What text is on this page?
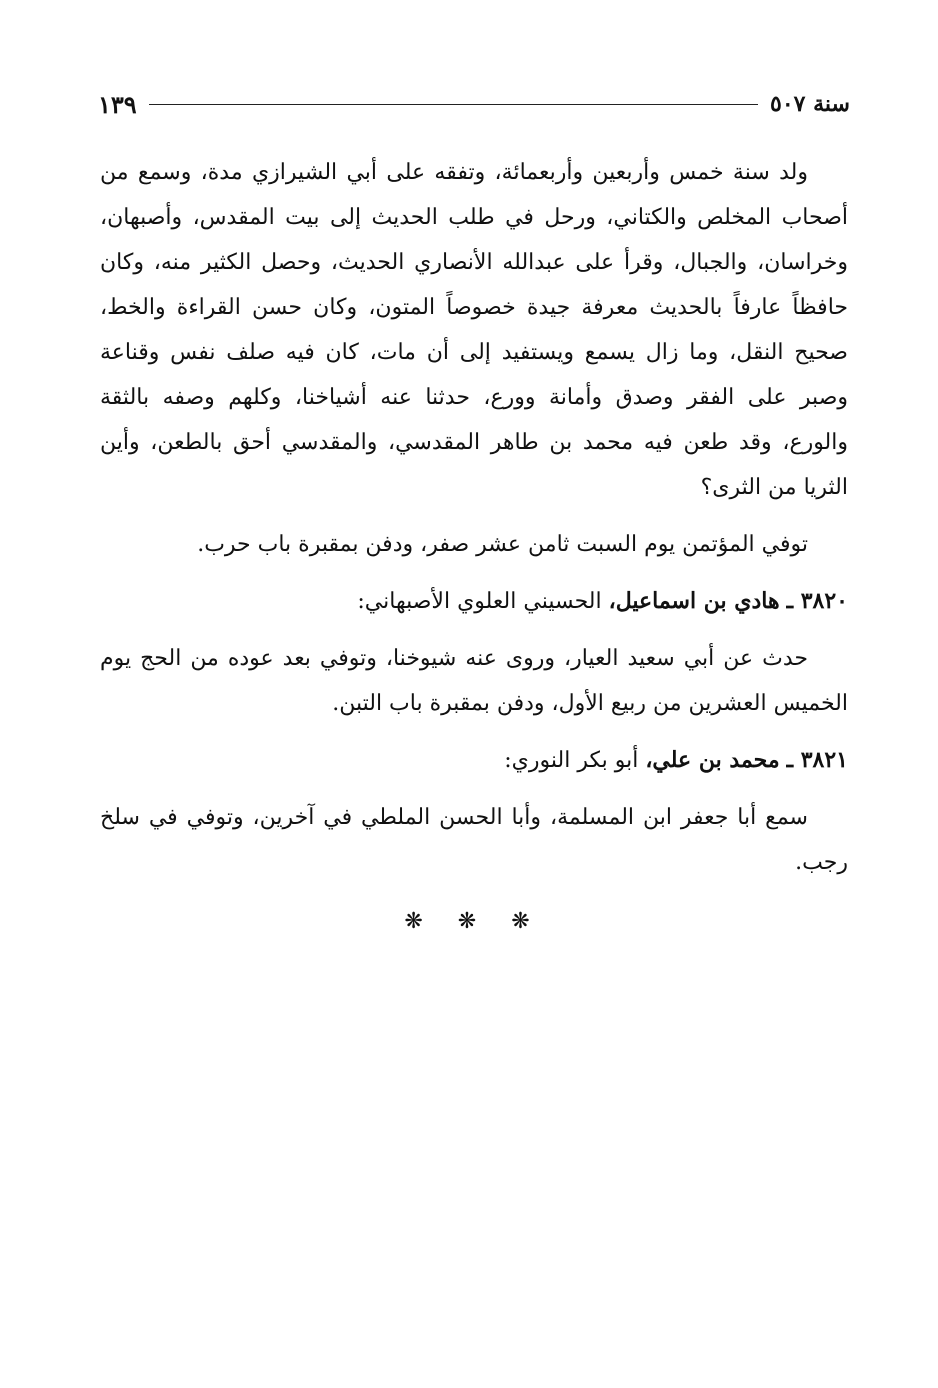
سنة ٥٠٧
١٣٩

ولد سنة خمس وأربعين وأربعمائة، وتفقه على أبي الشيرازي مدة، وسمع من أصحاب المخلص والكتاني، ورحل في طلب الحديث إلى بيت المقدس، وأصبهان، وخراسان، والجبال، وقرأ على عبدالله الأنصاري الحديث، وحصل الكثير منه، وكان حافظاً عارفاً بالحديث معرفة جيدة خصوصاً المتون، وكان حسن القراءة والخط، صحيح النقل، وما زال يسمع ويستفيد إلى أن مات، كان فيه صلف نفس وقناعة وصبر على الفقر وصدق وأمانة وورع، حدثنا عنه أشياخنا، وكلهم وصفه بالثقة والورع، وقد طعن فيه محمد بن طاهر المقدسي، والمقدسي أحق بالطعن، وأين الثريا من الثرى؟

توفي المؤتمن يوم السبت ثامن عشر صفر، ودفن بمقبرة باب حرب.

٣٨٢٠ ـ هادي بن اسماعيل، الحسيني العلوي الأصبهاني:

حدث عن أبي سعيد العيار، وروى عنه شيوخنا، وتوفي بعد عوده من الحج يوم الخميس العشرين من ربيع الأول، ودفن بمقبرة باب التبن.

٣٨٢١ ـ محمد بن علي، أبو بكر النوري:

سمع أبا جعفر ابن المسلمة، وأبا الحسن الملطي في آخرين، وتوفي في سلخ رجب.

❋ ❋ ❋
